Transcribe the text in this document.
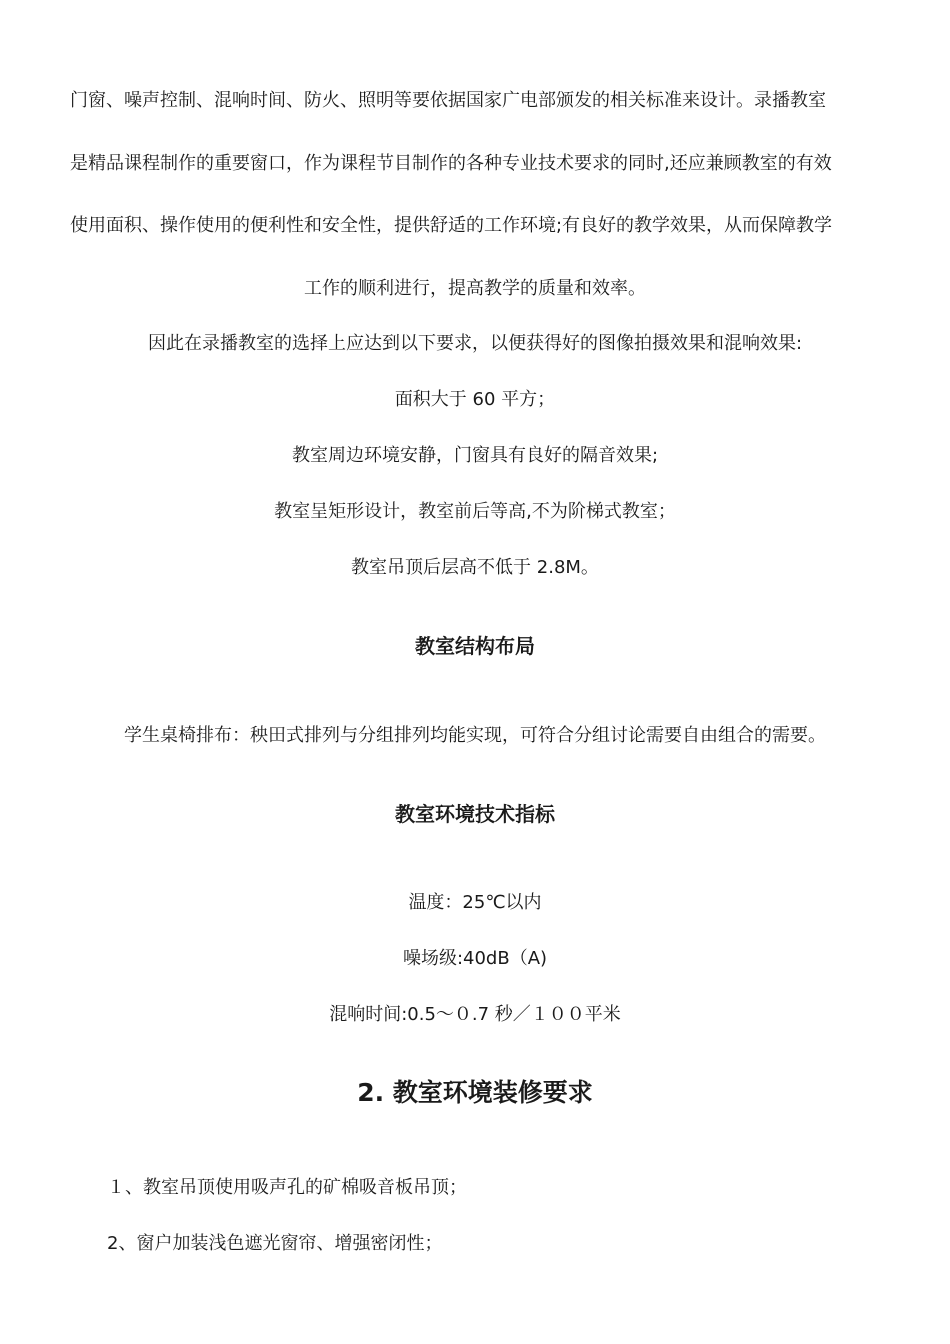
门窗、噪声控制、混响时间、防火、照明等要依据国家广电部颁发的相关标准来设计。录播教室
是精品课程制作的重要窗口，作为课程节目制作的各种专业技术要求的同时,还应兼顾教室的有效
使用面积、操作使用的便利性和安全性，提供舒适的工作环境;有良好的教学效果，从而保障教学
工作的顺利进行，提高教学的质量和效率。
因此在录播教室的选择上应达到以下要求，以便获得好的图像拍摄效果和混响效果:
面积大于 60 平方；
教室周边环境安静，门窗具有良好的隔音效果;
教室呈矩形设计，教室前后等高,不为阶梯式教室；
教室吊顶后层高不低于 2.8M。
教室结构布局
学生桌椅排布：秧田式排列与分组排列均能实现，可符合分组讨论需要自由组合的需要。
教室环境技术指标
温度：25℃以内
噪场级:40dB（A)
混响时间:0.5～０.7 秒／１００平米
2. 教室环境装修要求
１、教室吊顶使用吸声孔的矿棉吸音板吊顶；
2、窗户加装浅色遮光窗帘、增强密闭性；
